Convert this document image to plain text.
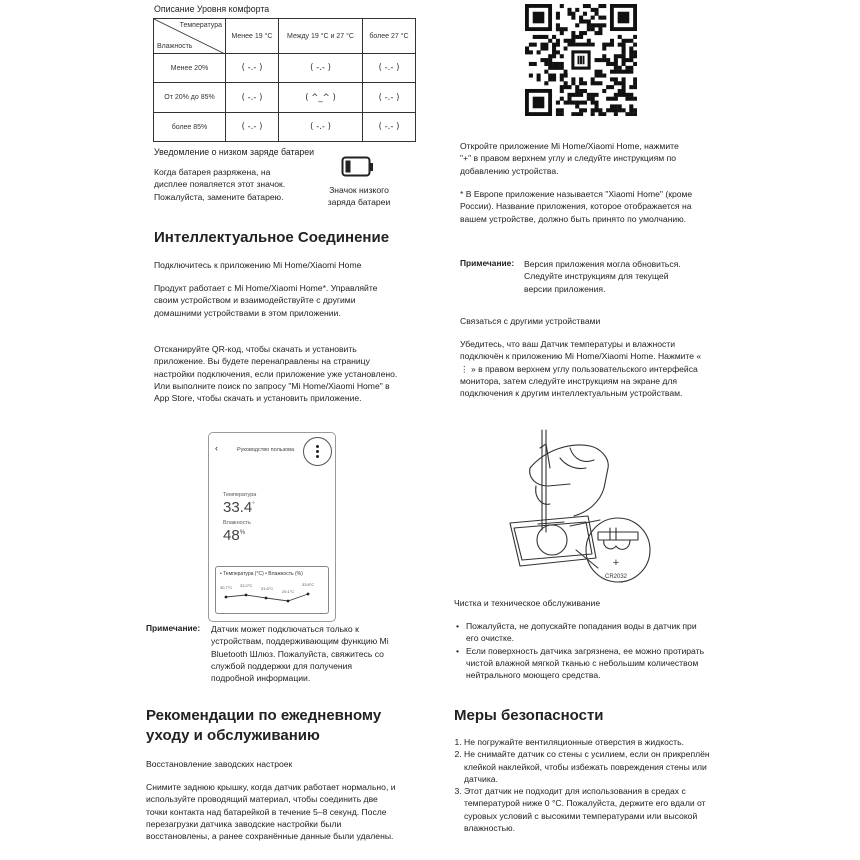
Описание Уровня комфорта
Температура
Влажность	Менее 19 °C	Между 19 °C и 27 °C	более 27 °C
Менее 20%	( -.- )	( -.- )	( -.- )
От 20% до 85%	( -.- )	( ^_^ )	( -.- )
более 85%	( -.- )	( -.- )	( -.- )
Уведомление о низком заряде батареи
Когда батарея разряжена, на дисплее появляется этот значок. Пожалуйста, замените батарею.
Значок низкого заряда батареи
Интеллектуальное Соединение
Подключитесь к приложению Mi Home/Xiaomi Home
Продукт работает с Mi Home/Xiaomi Home*. Управляйте своим устройством и взаимодействуйте с другими домашними устройствами в этом приложении.
Отсканируйте QR-код, чтобы скачать и установить приложение. Вы будете перенаправлены на страницу настройки подключения, если приложение уже установлено. Или выполните поиск по запросу "Mi Home/Xiaomi Home" в App Store, чтобы скачать и установить приложение.
‹	Руководство пользова
Температура
33.4°
Влажность
48%
• Температура (°C) • Влажность (%)
30.7°C 33.2°C
31.6°C
29.1°C
33.8°C
Примечание: Датчик может подключаться только к устройствам, поддерживающим функцию Mi Bluetooth Шлюз. Пожалуйста, свяжитесь со службой поддержки для получения подробной информации.
Рекомендации по ежедневному уходу и обслуживанию
Восстановление заводских настроек
Снимите заднюю крышку, когда датчик работает нормально, и используйте проводящий материал, чтобы соединить две точки контакта над батарейкой в течение 5–8 секунд. После перезагрузки датчика заводские настройки были восстановлены, а ранее сохранённые данные были удалены.
Откройте приложение Mi Home/Xiaomi Home, нажмите "+" в правом верхнем углу и следуйте инструкциям по добавлению устройства.
* В Европе приложение называется "Xiaomi Home" (кроме России). Название приложения, которое отображается на вашем устройстве, должно быть принято по умолчанию.
Примечание: Версия приложения могла обновиться. Следуйте инструкциям для текущей версии приложения.
Связаться с другими устройствами
Убедитесь, что ваш Датчик температуры и влажности подключён к приложению Mi Home/Xiaomi Home. Нажмите « ⋮ » в правом верхнем углу пользовательского интерфейса монитора, затем следуйте инструкциям на экране для подключения к другим интеллектуальным устройствам.
+
CR2032
Чистка и техническое обслуживание
• Пожалуйста, не допускайте попадания воды в датчик при его очистке.
• Если поверхность датчика загрязнена, ее можно протирать чистой влажной мягкой тканью с небольшим количеством нейтрального моющего средства.
Меры безопасности
1. Не погружайте вентиляционные отверстия в жидкость.
2. Не снимайте датчик со стены с усилием, если он прикреплён клейкой наклейкой, чтобы избежать повреждения стены или датчика.
3. Этот датчик не подходит для использования в средах с температурой ниже 0 °C. Пожалуйста, держите его вдали от суровых условий с высокими температурами или высокой влажностью.
